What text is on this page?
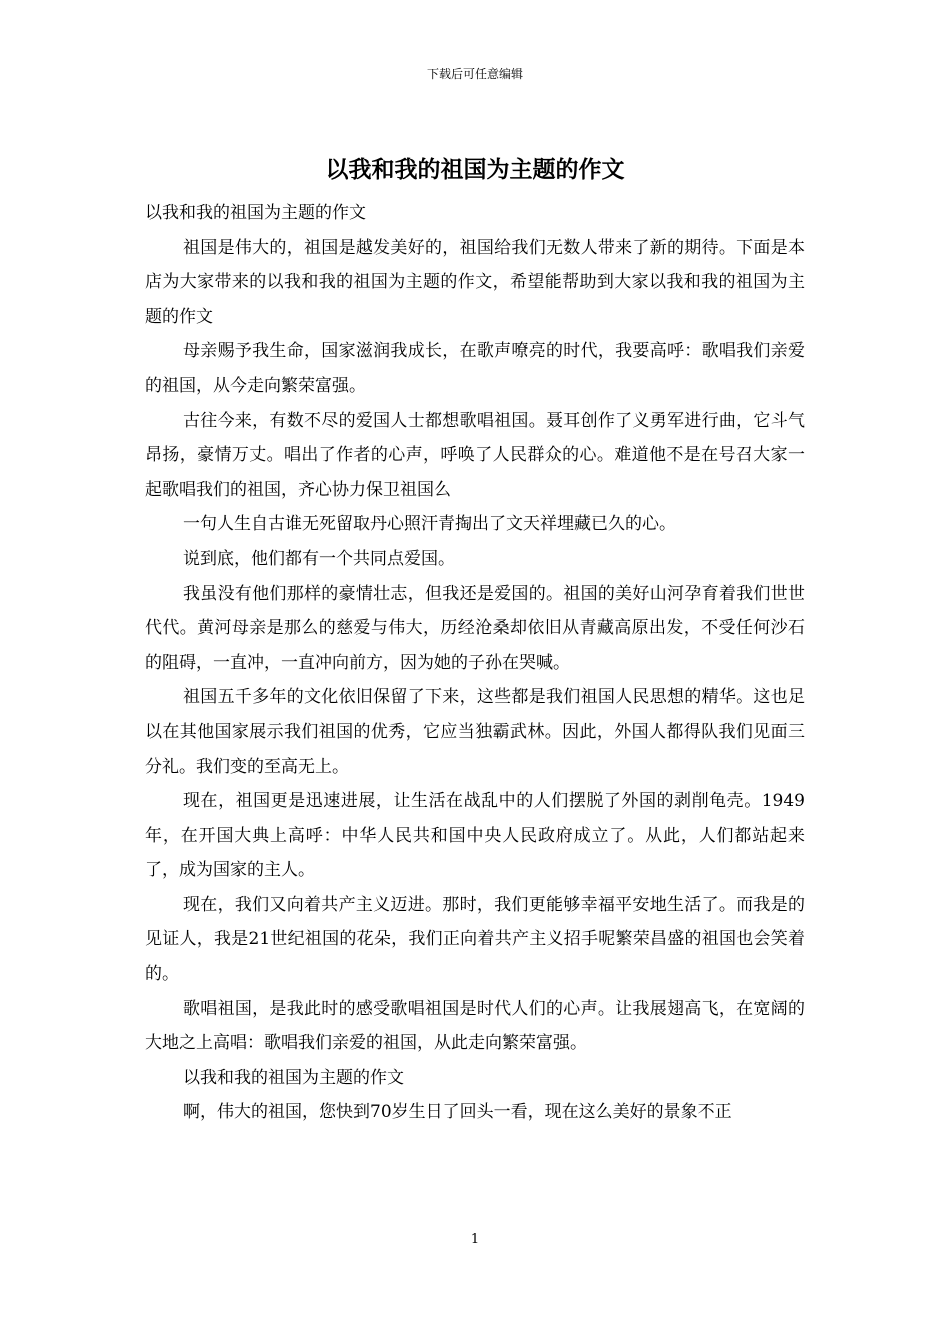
下载后可任意编辑
以我和我的祖国为主题的作文

以我和我的祖国为主题的作文

祖国是伟大的，祖国是越发美好的，祖国给我们无数人带来了新的期待。下面是本店为大家带来的以我和我的祖国为主题的作文，希望能帮助到大家以我和我的祖国为主题的作文

母亲赐予我生命，国家滋润我成长，在歌声嘹亮的时代，我要高呼：歌唱我们亲爱的祖国，从今走向繁荣富强。

古往今来，有数不尽的爱国人士都想歌唱祖国。聂耳创作了义勇军进行曲，它斗气昂扬，豪情万丈。唱出了作者的心声，呼唤了人民群众的心。难道他不是在号召大家一起歌唱我们的祖国，齐心协力保卫祖国么

一句人生自古谁无死留取丹心照汗青掏出了文天祥埋藏已久的心。

说到底，他们都有一个共同点爱国。

我虽没有他们那样的豪情壮志，但我还是爱国的。祖国的美好山河孕育着我们世世代代。黄河母亲是那么的慈爱与伟大，历经沧桑却依旧从青藏高原出发，不受任何沙石的阻碍，一直冲，一直冲向前方，因为她的子孙在哭喊。

祖国五千多年的文化依旧保留了下来，这些都是我们祖国人民思想的精华。这也足以在其他国家展示我们祖国的优秀，它应当独霸武林。因此，外国人都得队我们见面三分礼。我们变的至高无上。

现在，祖国更是迅速进展，让生活在战乱中的人们摆脱了外国的剥削龟壳。1949年，在开国大典上高呼：中华人民共和国中央人民政府成立了。从此，人们都站起来了，成为国家的主人。

现在，我们又向着共产主义迈进。那时，我们更能够幸福平安地生活了。而我是的见证人，我是21世纪祖国的花朵，我们正向着共产主义招手呢繁荣昌盛的祖国也会笑着的。

歌唱祖国，是我此时的感受歌唱祖国是时代人们的心声。让我展翅高飞，在宽阔的大地之上高唱：歌唱我们亲爱的祖国，从此走向繁荣富强。

以我和我的祖国为主题的作文

啊，伟大的祖国，您快到70岁生日了回头一看，现在这么美好的景象不正

1
